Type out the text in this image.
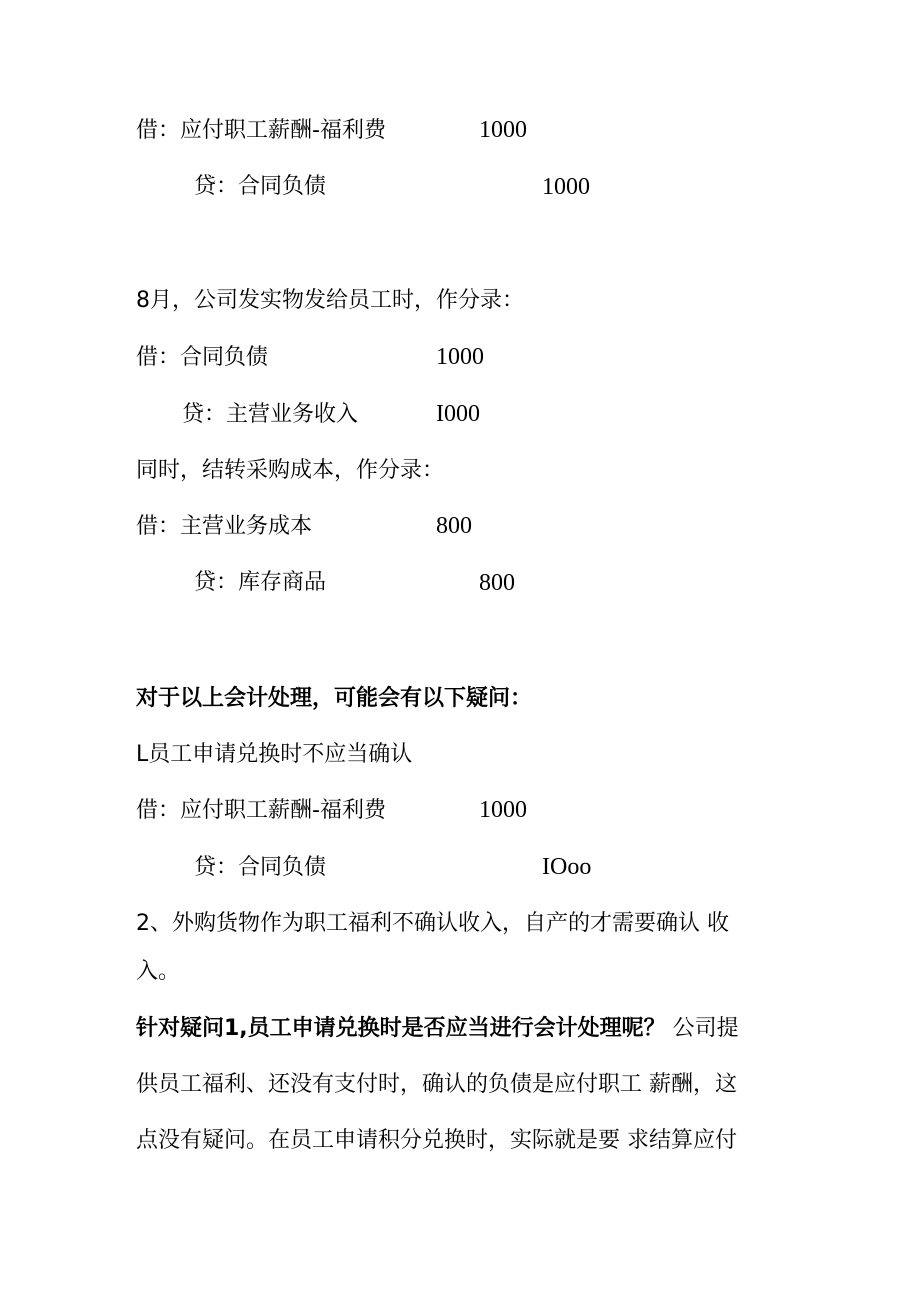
借：应付职工薪酬-福利费	1000
贷：合同负债	1000
8月，公司发实物发给员工时，作分录：
借：合同负债	1000
贷：主营业务收入	I000
同时，结转采购成本，作分录：
借：主营业务成本	800
贷：库存商品	800
对于以上会计处理，可能会有以下疑问：
L员工申请兑换时不应当确认
借：应付职工薪酬-福利费	1000
贷：合同负债	IOoo
2、外购货物作为职工福利不确认收入，自产的才需要确认 收
入。
针对疑问1,员工申请兑换时是否应当进行会计处理呢？ 公司提
供员工福利、还没有支付时，确认的负债是应付职工 薪酬，这
点没有疑问。在员工申请积分兑换时，实际就是要 求结算应付
